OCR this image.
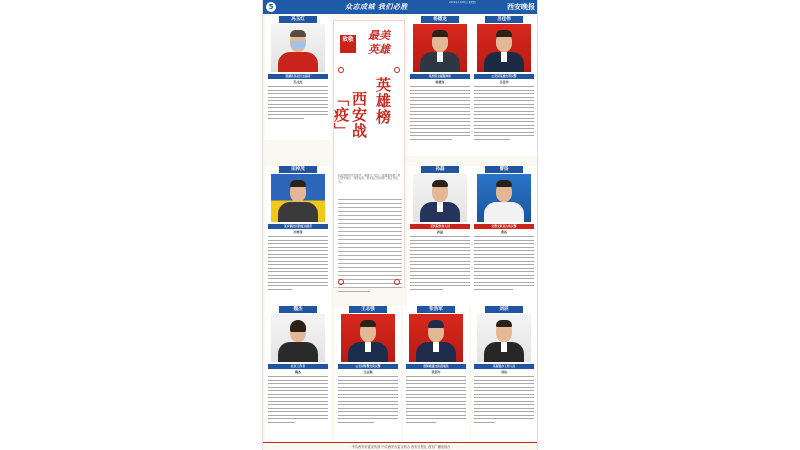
5	众志成城 我们必胜
2022年1月20日 星期四	西安晚报
冯玉红
莲湖区某社区志愿者
冯玉红
致敬	最美
英雄
英雄榜
西安战「疫」
在疫情防控攻坚战中，涌现出一批又一批最美英雄，他们坚守岗位、冲锋在前，用实际行动诠释了责任与担当。
杨德龙
某医院志愿服务队
杨德龙
吕佳伟
公安局某派出所民警
吕佳伟
田梓茂
某乡镇社区防疫志愿者
田梓茂
孙磊
某医院医务人员
孙磊
曹扬
交警支队某大队民警
曹扬
魏杰
社区工作者
魏杰
王志强
公安局特警支队民警
王志强
张浩军
消防救援支队指战员
张浩军
刘辰
某街道办工作人员
刘辰
中共西安市委宣传部 中共西安市委文明办 西安日报社 西安广播电视台
